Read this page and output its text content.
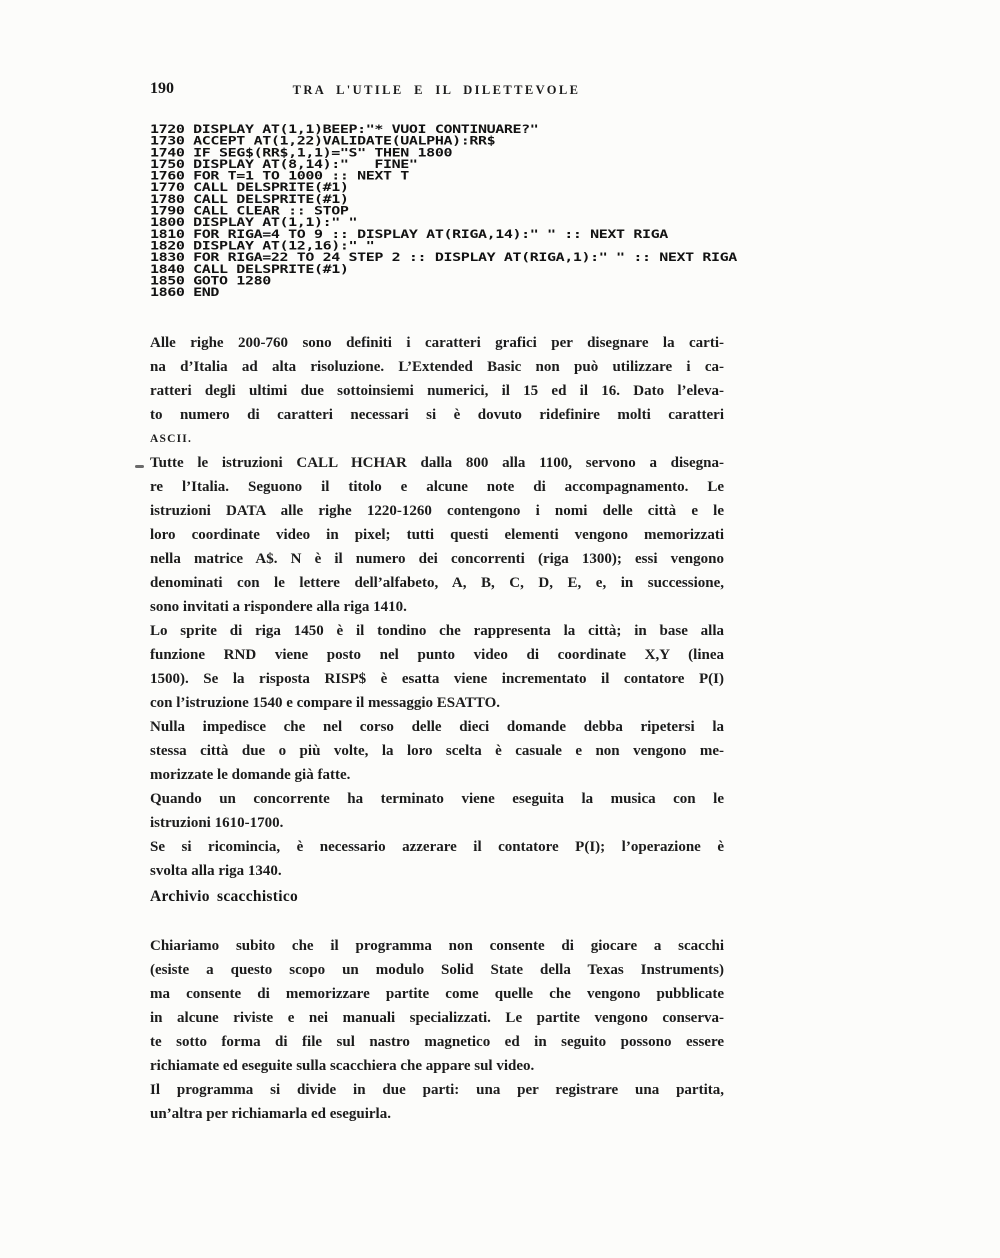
190	TRA L'UTILE E IL DILETTEVOLE
1720 DISPLAY AT(1,1)BEEP:"* VUOI CONTINUARE?"
1730 ACCEPT AT(1,22)VALIDATE(UALPHA):RR$
1740 IF SEG$(RR$,1,1)="S" THEN 1800
1750 DISPLAY AT(8,14):"   FINE"
1760 FOR T=1 TO 1000 :: NEXT T
1770 CALL DELSPRITE(#1)
1780 CALL DELSPRITE(#1)
1790 CALL CLEAR :: STOP
1800 DISPLAY AT(1,1):" "
1810 FOR RIGA=4 TO 9 :: DISPLAY AT(RIGA,14):" " :: NEXT RIGA
1820 DISPLAY AT(12,16):" "
1830 FOR RIGA=22 TO 24 STEP 2 :: DISPLAY AT(RIGA,1):" " :: NEXT RIGA
1840 CALL DELSPRITE(#1)
1850 GOTO 1280
1860 END
Alle righe 200-760 sono definiti i caratteri grafici per disegnare la carti-
na d’Italia ad alta risoluzione. L’Extended Basic non può utilizzare i ca-
ratteri degli ultimi due sottoinsiemi numerici, il 15 ed il 16. Dato l’eleva-
to numero di caratteri necessari si è dovuto ridefinire molti caratteri
ASCII.
Tutte le istruzioni CALL HCHAR dalla 800 alla 1100, servono a disegna-
re l’Italia. Seguono il titolo e alcune note di accompagnamento. Le
istruzioni DATA alle righe 1220-1260 contengono i nomi delle città e le
loro coordinate video in pixel; tutti questi elementi vengono memorizzati
nella matrice A$. N è il numero dei concorrenti (riga 1300); essi vengono
denominati con le lettere dell’alfabeto, A, B, C, D, E, e, in successione,
sono invitati a rispondere alla riga 1410.
Lo sprite di riga 1450 è il tondino che rappresenta la città; in base alla
funzione RND viene posto nel punto video di coordinate X,Y (linea
1500). Se la risposta RISP$ è esatta viene incrementato il contatore P(I)
con l’istruzione 1540 e compare il messaggio ESATTO.
Nulla impedisce che nel corso delle dieci domande debba ripetersi la
stessa città due o più volte, la loro scelta è casuale e non vengono me-
morizzate le domande già fatte.
Quando un concorrente ha terminato viene eseguita la musica con le
istruzioni 1610-1700.
Se si ricomincia, è necessario azzerare il contatore P(I); l’operazione è
svolta alla riga 1340.
Archivio scacchistico
Chiariamo subito che il programma non consente di giocare a scacchi
(esiste a questo scopo un modulo Solid State della Texas Instruments)
ma consente di memorizzare partite come quelle che vengono pubblicate
in alcune riviste e nei manuali specializzati. Le partite vengono conserva-
te sotto forma di file sul nastro magnetico ed in seguito possono essere
richiamate ed eseguite sulla scacchiera che appare sul video.
Il programma si divide in due parti: una per registrare una partita,
un’altra per richiamarla ed eseguirla.
